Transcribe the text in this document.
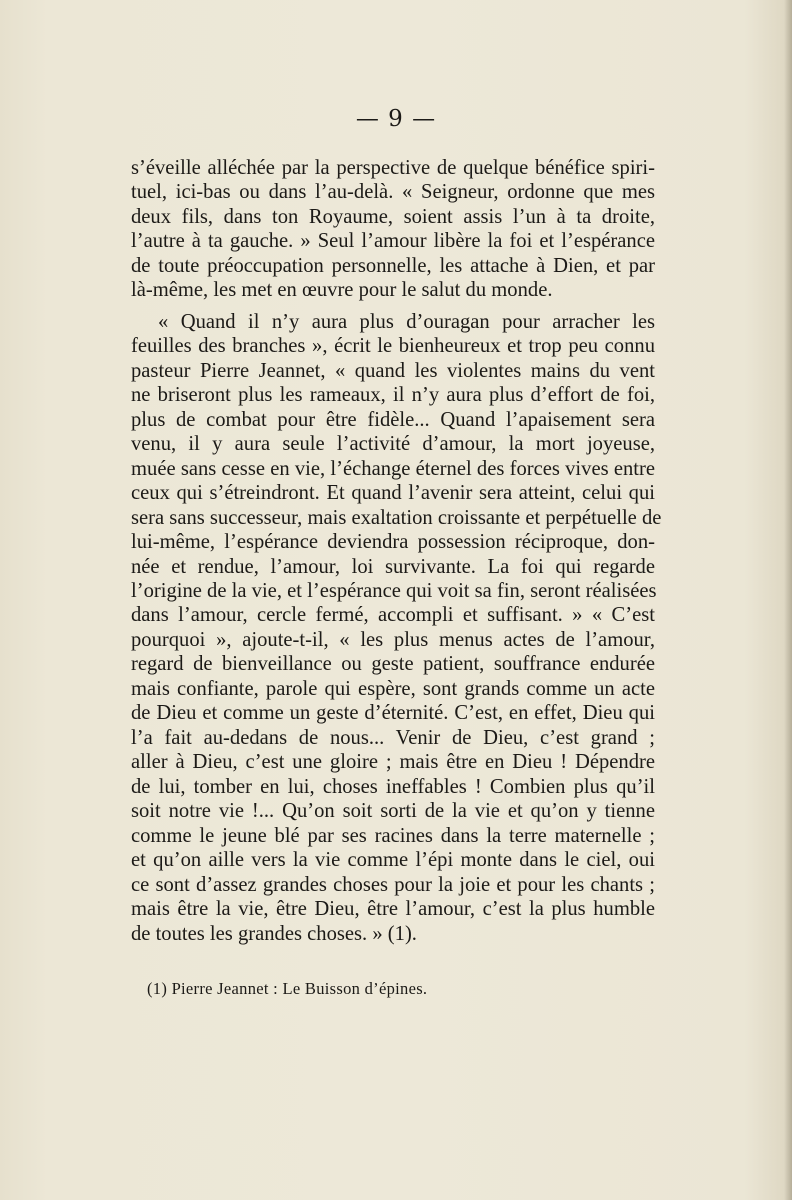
— 9 —
s’éveille alléchée par la perspective de quelque bénéfice spiri-
tuel, ici-bas ou dans l’au-delà. « Seigneur, ordonne que mes
deux fils, dans ton Royaume, soient assis l’un à ta droite,
l’autre à ta gauche. » Seul l’amour libère la foi et l’espérance
de toute préoccupation personnelle, les attache à Dien, et par
là-même, les met en œuvre pour le salut du monde.
« Quand il n’y aura plus d’ouragan pour arracher les
feuilles des branches », écrit le bienheureux et trop peu connu
pasteur Pierre Jeannet, « quand les violentes mains du vent
ne briseront plus les rameaux, il n’y aura plus d’effort de foi,
plus de combat pour être fidèle... Quand l’apaisement sera
venu, il y aura seule l’activité d’amour, la mort joyeuse,
muée sans cesse en vie, l’échange éternel des forces vives entre
ceux qui s’étreindront. Et quand l’avenir sera atteint, celui qui
sera sans successeur, mais exaltation croissante et perpétuelle de
lui-même, l’espérance deviendra possession réciproque, don-
née et rendue, l’amour, loi survivante. La foi qui regarde
l’origine de la vie, et l’espérance qui voit sa fin, seront réalisées
dans l’amour, cercle fermé, accompli et suffisant. » « C’est
pourquoi », ajoute-t-il, « les plus menus actes de l’amour,
regard de bienveillance ou geste patient, souffrance endurée
mais confiante, parole qui espère, sont grands comme un acte
de Dieu et comme un geste d’éternité. C’est, en effet, Dieu qui
l’a fait au-dedans de nous... Venir de Dieu, c’est grand ;
aller à Dieu, c’est une gloire ; mais être en Dieu ! Dépendre
de lui, tomber en lui, choses ineffables ! Combien plus qu’il
soit notre vie !... Qu’on soit sorti de la vie et qu’on y tienne
comme le jeune blé par ses racines dans la terre maternelle ;
et qu’on aille vers la vie comme l’épi monte dans le ciel, oui
ce sont d’assez grandes choses pour la joie et pour les chants ;
mais être la vie, être Dieu, être l’amour, c’est la plus humble
de toutes les grandes choses. » (1).
(1) Pierre Jeannet : Le Buisson d’épines.
